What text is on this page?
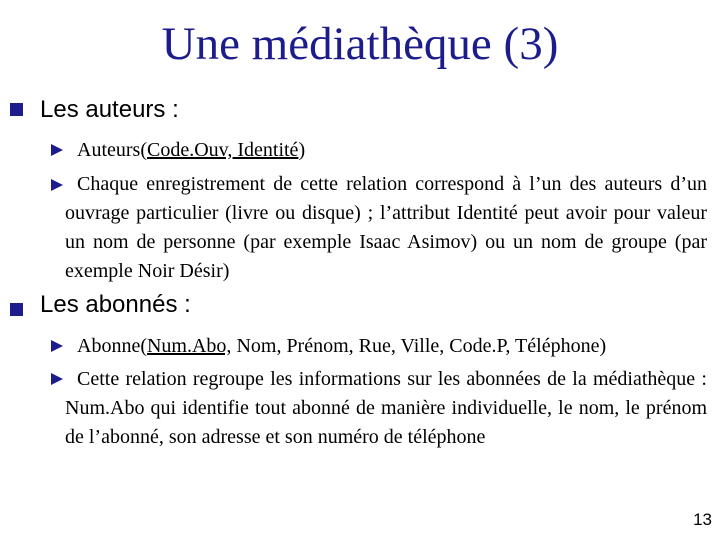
Une médiathèque (3)
Les auteurs :
Auteurs(Code.Ouv, Identité)
Chaque enregistrement de cette relation correspond à l’un des auteurs d’un ouvrage particulier (livre ou disque) ; l’attribut Identité peut avoir pour valeur un nom de personne (par exemple Isaac Asimov) ou un nom de groupe (par exemple Noir Désir)
Les abonnés :
Abonne(Num.Abo, Nom, Prénom, Rue, Ville, Code.P, Téléphone)
Cette relation regroupe les informations sur les abonnées de la médiathèque : Num.Abo qui identifie tout abonné de manière individuelle, le nom, le prénom de l’abonné, son adresse et son numéro de téléphone
13
